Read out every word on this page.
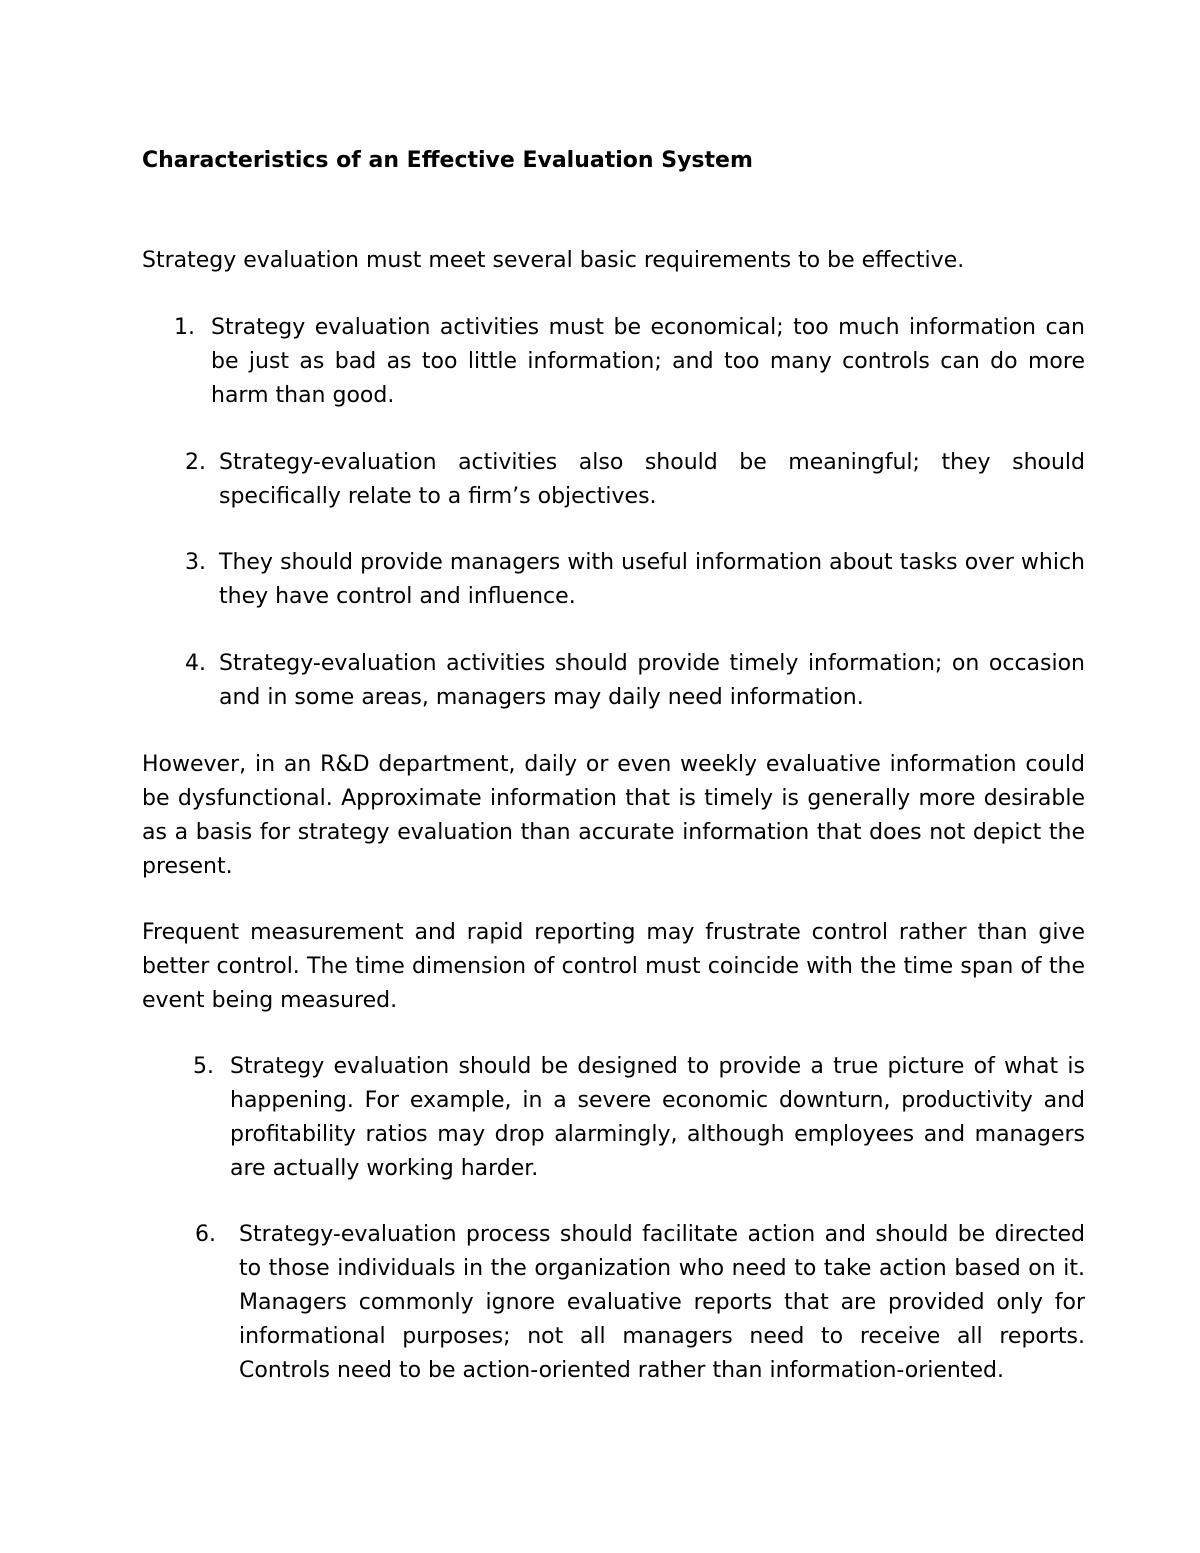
Characteristics of an Effective Evaluation System
Strategy evaluation must meet several basic requirements to be effective.
1. Strategy evaluation activities must be economical; too much information can be just as bad as too little information; and too many controls can do more harm than good.
2. Strategy-evaluation activities also should be meaningful; they should specifically relate to a firm’s objectives.
3. They should provide managers with useful information about tasks over which they have control and influence.
4. Strategy-evaluation activities should provide timely information; on occasion and in some areas, managers may daily need information.
However, in an R&D department, daily or even weekly evaluative information could be dysfunctional. Approximate information that is timely is generally more desirable as a basis for strategy evaluation than accurate information that does not depict the present.
Frequent measurement and rapid reporting may frustrate control rather than give better control. The time dimension of control must coincide with the time span of the event being measured.
5. Strategy evaluation should be designed to provide a true picture of what is happening. For example, in a severe economic downturn, productivity and profitability ratios may drop alarmingly, although employees and managers are actually working harder.
6. Strategy-evaluation process should facilitate action and should be directed to those individuals in the organization who need to take action based on it. Managers commonly ignore evaluative reports that are provided only for informational purposes; not all managers need to receive all reports. Controls need to be action-oriented rather than information-oriented.
